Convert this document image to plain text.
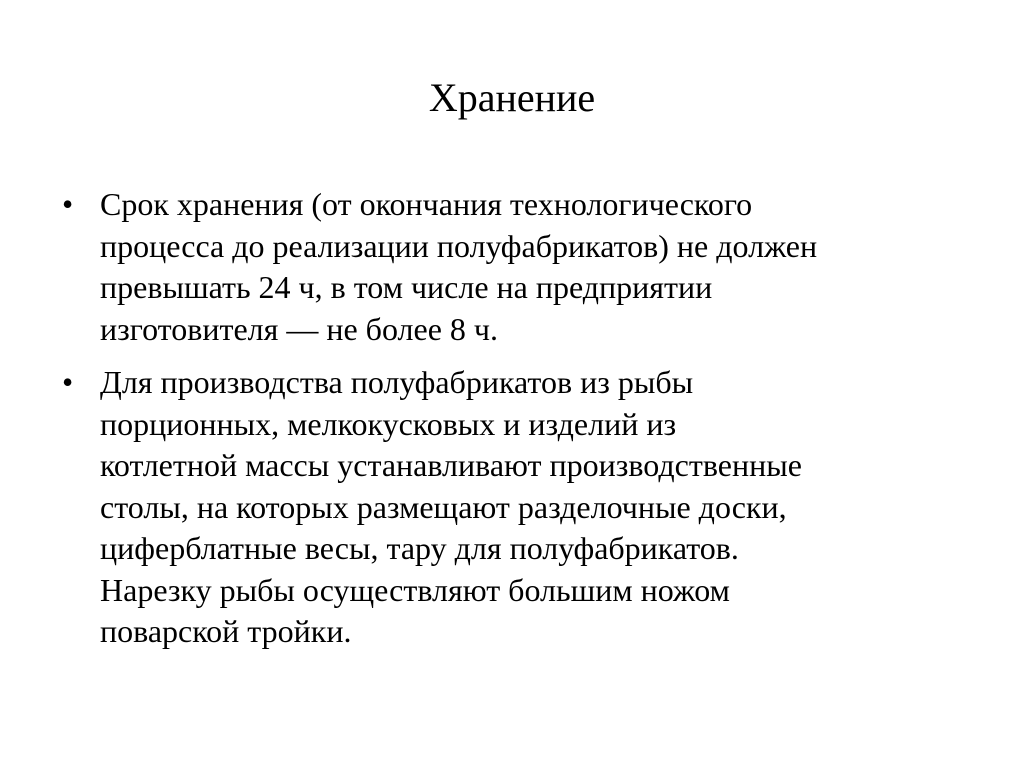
Хранение
• Срок хранения (от окончания технологического
процесса до реализации полуфабрикатов) не должен
превышать 24 ч, в том числе на предприятии
изготовителя — не более 8 ч.
• Для производства полуфабрикатов из рыбы
порционных, мелкокусковых и изделий из
котлетной массы устанавливают производственные
столы, на которых размещают разделочные доски,
циферблатные весы, тару для полуфабрикатов.
Нарезку рыбы осуществляют большим ножом
поварской тройки.
